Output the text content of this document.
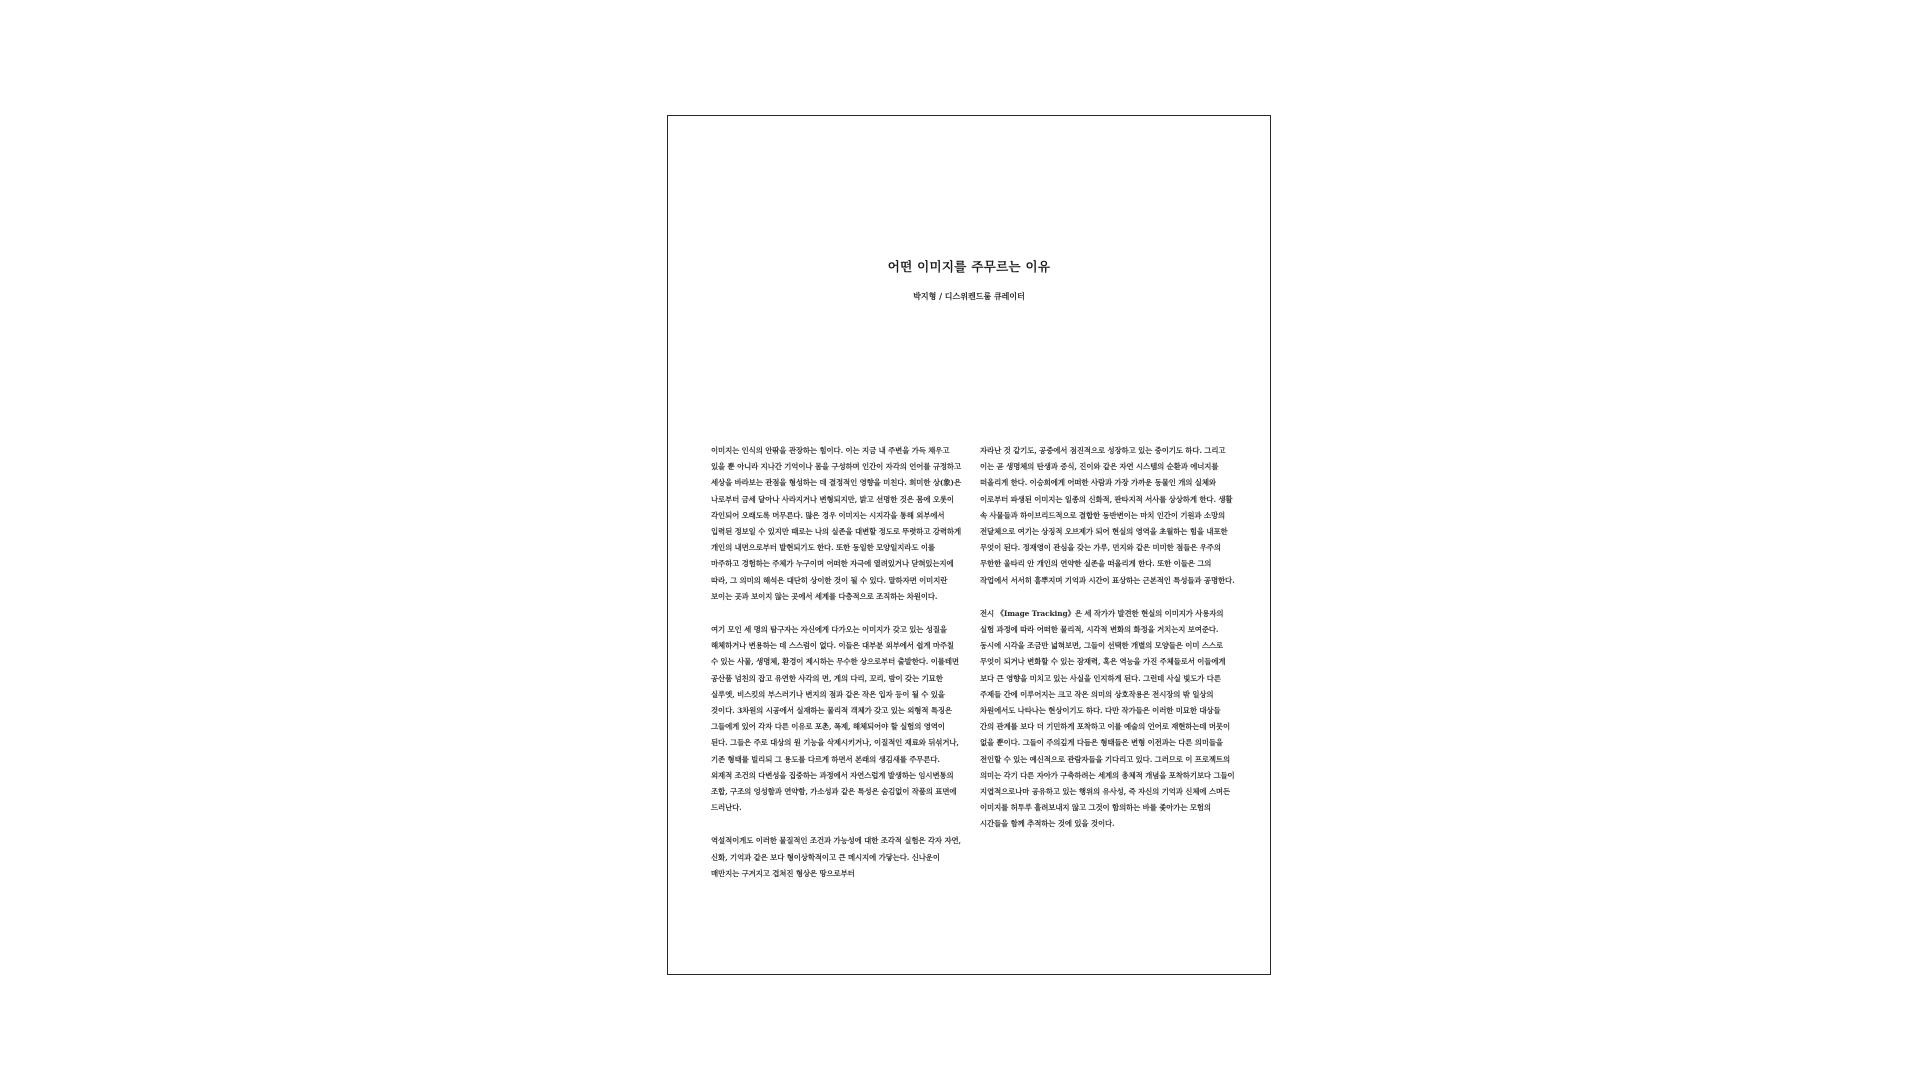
어떤 이미지를 주무르는 이유

박지형 / 디스위켄드룸 큐레이터

이미지는 인식의 안팎을 관장하는 힘이다. 이는 지금 내 주변을 가득 채우고 있을 뿐 아니라 지나간 기억이나 몸을 구성하며 인간이 자각의 언어를 규정하고 세상을 바라보는 관점을 형성하는 데 결정적인 영향을 미친다. 희미한 상(象)은 나로부터 금세 달아나 사라지거나 변형되지만, 밝고 선명한 것은 몸에 오롯이 각인되어 오래도록 머무른다. 많은 경우 이미지는 시지각을 통해 외부에서 입력된 정보일 수 있지만 때로는 나의 실존을 대변할 정도로 뚜렷하고 강력하게 개인의 내면으로부터 발현되기도 한다. 또한 동일한 모양일지라도 이를 마주하고 경험하는 주체가 누구이며 어떠한 자극에 열려있거나 닫혀있는지에 따라, 그 의미의 해석은 대단히 상이한 것이 될 수 있다. 말하자면 이미지란 보이는 곳과 보이지 않는 곳에서 세계를 다층적으로 조직하는 차원이다.

여기 모인 세 명의 탐구자는 자신에게 다가오는 이미지가 갖고 있는 성질을 해체하거나 변용하는 데 스스럼이 없다. 이들은 대부분 외부에서 쉽게 마주칠 수 있는 사물, 생명체, 환경이 제시하는 무수한 상으로부터 출발한다. 이를테면 공산품 넘친의 잡고 유연한 사각의 면, 게의 다리, 꼬리, 밤이 갖는 기묘한 실루엣, 비스킷의 부스러기나 변지의 점과 같은 작은 입자 등이 될 수 있을 것이다. 3차원의 시공에서 실재하는 물리적 객체가 갖고 있는 외형적 특징은 그들에게 있어 각자 다른 이유로 포촌, 폭제, 해체되어야 할 실험의 영역이 된다. 그들은 주로 대상의 원 기능을 삭제시키거나, 이질적인 재료와 뒤섞거나, 기존 형태를 빌리되 그 용도를 다르게 하면서 본래의 생김새를 주무른다. 외재적 조건의 다변성을 집중하는 과정에서 자연스럽게 발생하는 임시변통의 조합, 구조의 엉성함과 연약함, 가소성과 같은 특성은 숨김없이 작품의 표면에 드러난다.

역설적이게도 이러한 물질적인 조건과 가능성에 대한 조각적 실험은 각자 자연, 신화, 기억과 같은 보다 형이상학적이고 큰 메시지에 가닿는다. 신나운이 매만지는 구겨지고 겹쳐진 형상은 땅으로부터

자라난 것 같기도, 공중에서 점진적으로 성장하고 있는 중이기도 하다. 그리고 이는 곧 생명체의 탄생과 증식, 진이와 같은 자연 시스템의 순환과 에너지를 떠올리게 한다. 이승희에게 어떠한 사람과 가장 가까운 동물인 개의 실체와 이로부터 파생된 이미지는 일종의 신화적, 판타지적 서사를 상상하게 한다. 생활 속 사물들과 하이브리드적으로 결합한 동반변이는 마치 인간이 기원과 소망의 전달체으로 여기는 상징적 오브제가 되어 현실의 영역을 초월하는 힘을 내포한 무엇이 된다. 정재영이 관심을 갖는 가루, 먼지와 같은 미미한 점들은 우주의 무한한 울타리 안 개인의 연약한 실존을 떠올리게 한다. 또한 이들은 그의 작업에서 서서히 흩뿌지며 기억과 시간이 표상하는 근본적인 특성들과 공명한다.

전시 《Image Tracking》은 세 작가가 발견한 현실의 이미지가 사용자의 실험 과정에 따라 어떠한 물리적, 시각적 변화의 화정을 거치는지 보여준다. 동시에 시각을 조금만 넓혀보면, 그들이 선택한 개별의 모양들은 이미 스스로 무엇이 되거나 변화할 수 있는 잠재력, 혹은 역능을 가진 주체들로서 이들에게 보다 큰 영향을 미치고 있는 사실을 인지하게 된다. 그런데 사실 빛도가 다른 주제들 간에 이루어지는 크고 작은 의미의 상호작용은 전시장의 밖 일상의 차원에서도 나타나는 현상이기도 하다. 다만 작가들은 이러한 미묘한 대상들 간의 관계를 보다 더 기민하게 포착하고 이를 예술의 언어로 재현하는데 머뭇이 없을 뿐이다. 그들이 주의깊게 다듬은 형태들은 변형 이전과는 다른 의미들을 전인할 수 있는 예신적으로 관람자들을 기다리고 있다. 그러므로 이 프로젝트의 의미는 각기 다른 자아가 구축하려는 세계의 총체적 개념을 포착하기보다 그들이 지엽적으로나마 공유하고 있는 행위의 유사성, 즉 자신의 기억과 신체에 스며든 이미지를 허투루 흘려보내지 않고 그것이 함의하는 바를 좇아가는 모험의 시간들을 함께 추적하는 것에 있을 것이다.
